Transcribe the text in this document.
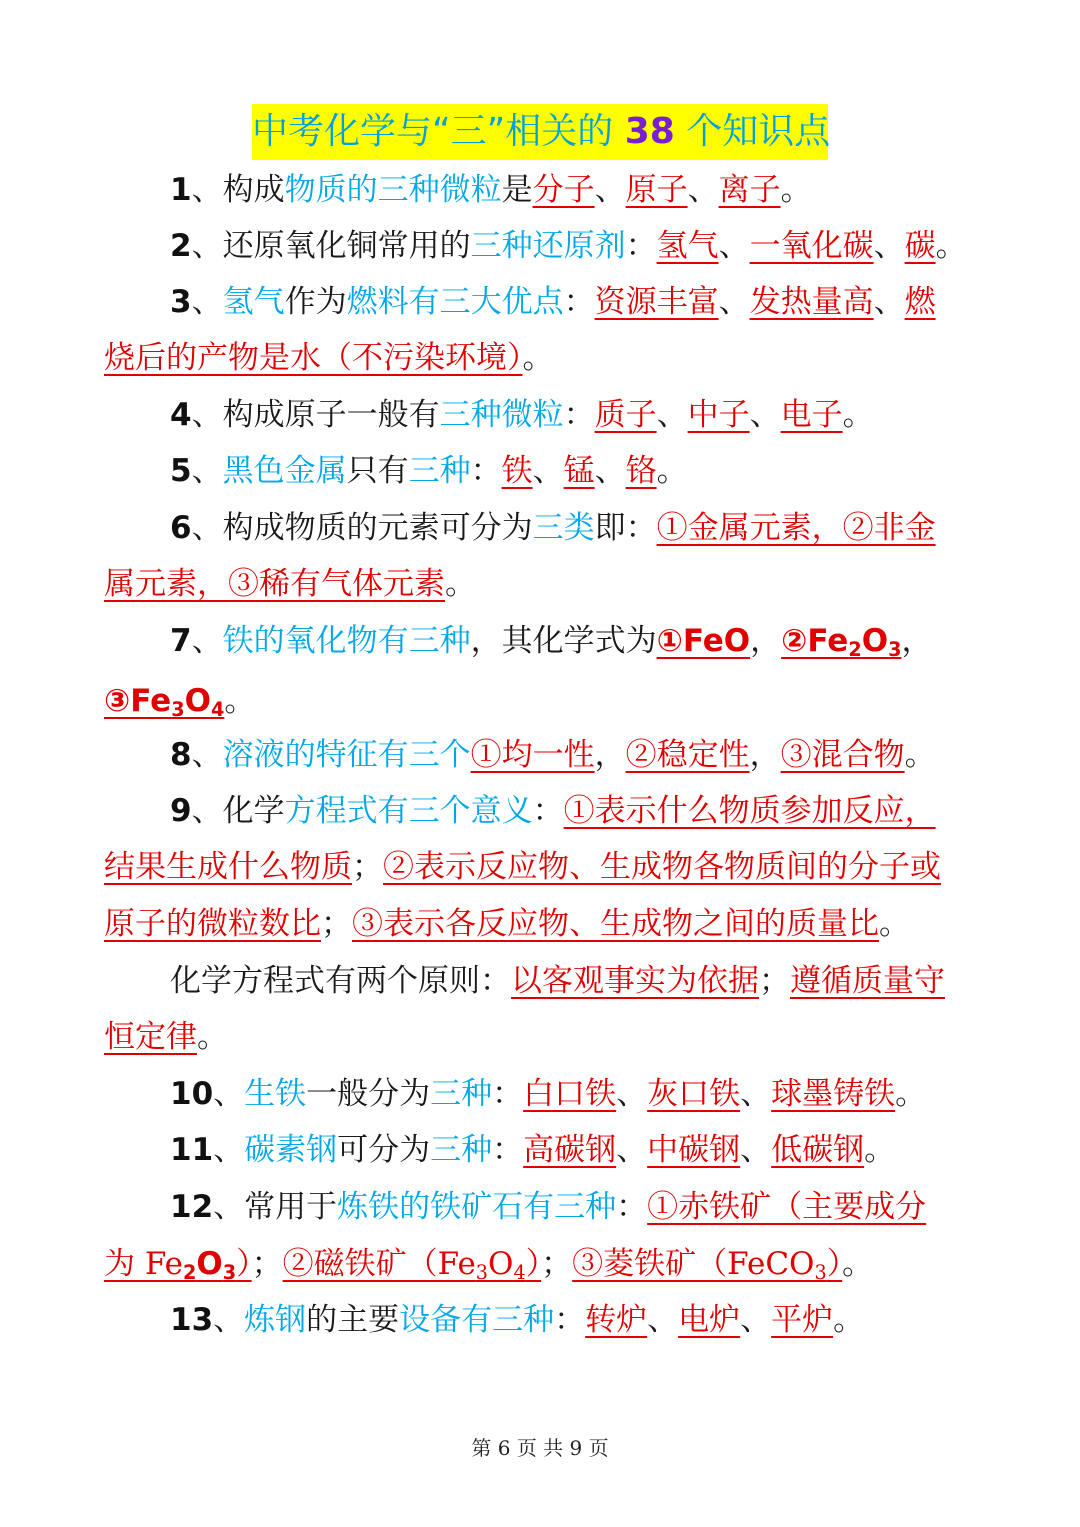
中考化学与“三”相关的 38 个知识点
1、构成物质的三种微粒是分子、原子、离子。
2、还原氧化铜常用的三种还原剂：氢气、一氧化碳、碳。
3、氢气作为燃料有三大优点：资源丰富、发热量高、燃
烧后的产物是水（不污染环境）。
4、构成原子一般有三种微粒：质子、中子、电子。
5、黑色金属只有三种：铁、锰、铬。
6、构成物质的元素可分为三类即：①金属元素，②非金
属元素，③稀有气体元素。
7、铁的氧化物有三种，其化学式为①FeO，$②Fe_2O_3$，
$③Fe_3O_4$。
8、溶液的特征有三个①均一性，②稳定性，③混合物。
9、化学方程式有三个意义：①表示什么物质参加反应，
结果生成什么物质；②表示反应物、生成物各物质间的分子或
原子的微粒数比；③表示各反应物、生成物之间的质量比。
化学方程式有两个原则：以客观事实为依据；遵循质量守
恒定律。
10、生铁一般分为三种：白口铁、灰口铁、球墨铸铁。
11、碳素钢可分为三种：高碳钢、中碳钢、低碳钢。
12、常用于炼铁的铁矿石有三种：①赤铁矿（主要成分
为 $Fe_2O_3$）；②磁铁矿$(Fe_3O_4)$；③菱铁矿（FeCO$_3$）。
13、炼钢的主要设备有三种：转炉、电炉、平炉。
第 6 页 共 9 页
